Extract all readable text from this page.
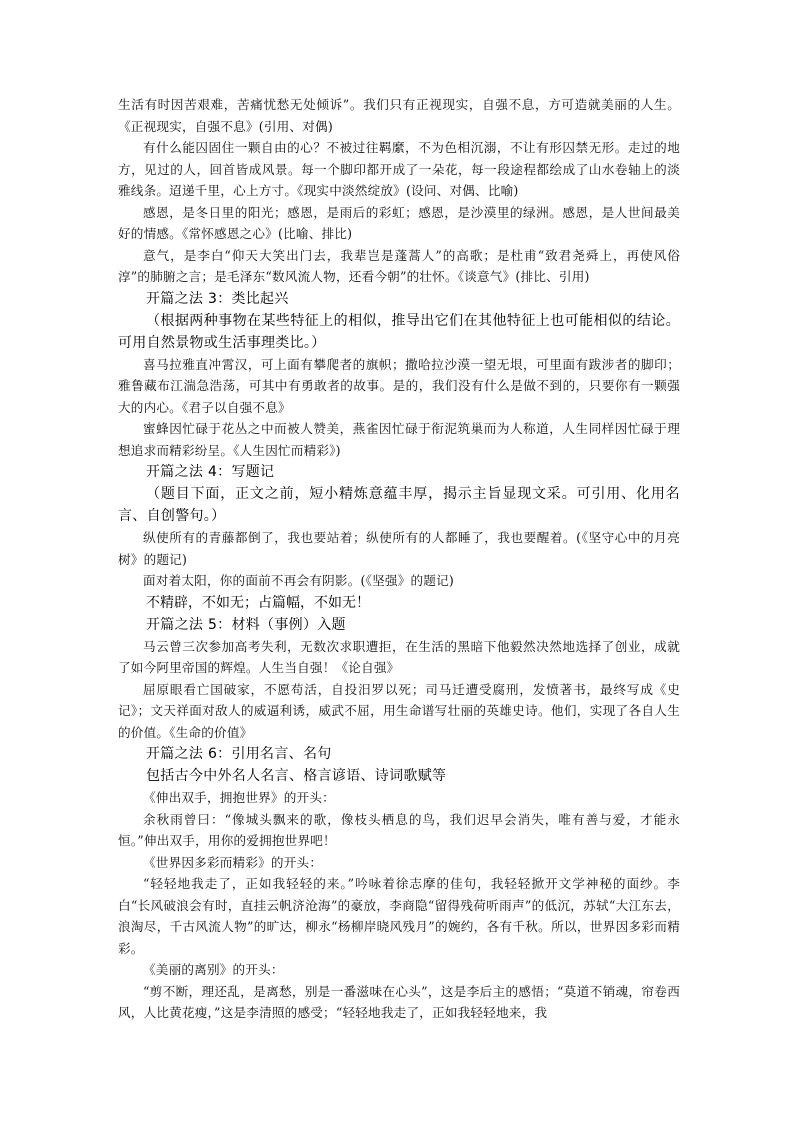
生活有时因苦艰难，苦痛忧愁无处倾诉”。我们只有正视现实，自强不息，方可造就美丽的人生。《正视现实，自强不息》(引用、对偶)

有什么能囚固住一颗自由的心？不被过往羁縻，不为色相沉溺，不让有形囚禁无形。走过的地方，见过的人，回首皆成风景。每一个脚印都开成了一朵花，每一段途程都绘成了山水卷轴上的淡雅线条。迢递千里，心上方寸。《现实中淡然绽放》(设问、对偶、比喻)

感恩，是冬日里的阳光；感恩，是雨后的彩虹；感恩，是沙漠里的绿洲。感恩，是人世间最美好的情感。《常怀感恩之心》(比喻、排比)

意气，是李白“仰天大笑出门去，我辈岂是蓬蒿人”的高歌；是杜甫“致君尧舜上，再使风俗淳”的肺腑之言；是毛泽东“数风流人物，还看今朝”的壮怀。《谈意气》(排比、引用)

开篇之法 3：类比起兴

（根据两种事物在某些特征上的相似，推导出它们在其他特征上也可能相似的结论。可用自然景物或生活事理类比。）

喜马拉雅直冲霄汉，可上面有攀爬者的旗帜；撒哈拉沙漠一望无垠，可里面有跋涉者的脚印；雅鲁藏布江湍急浩荡，可其中有勇敢者的故事。是的，我们没有什么是做不到的，只要你有一颗强大的内心。《君子以自强不息》

蜜蜂因忙碌于花丛之中而被人赞美，燕雀因忙碌于衔泥筑巢而为人称道，人生同样因忙碌于理想追求而精彩纷呈。《人生因忙而精彩》)

开篇之法 4：写题记

（题目下面，正文之前，短小精炼意蕴丰厚，揭示主旨显现文采。可引用、化用名言、自创警句。）

纵使所有的青藤都倒了，我也要站着；纵使所有的人都睡了，我也要醒着。(《坚守心中的月亮树》的题记)

面对着太阳，你的面前不再会有阴影。(《坚强》的题记)

不精辟，不如无；占篇幅，不如无！

开篇之法 5：材料（事例）入题

马云曾三次参加高考失利，无数次求职遭拒，在生活的黑暗下他毅然决然地选择了创业，成就了如今阿里帝国的辉煌。人生当自强！《论自强》

屈原眼看亡国破家，不愿苟活，自投汨罗以死；司马迁遭受腐刑，发愤著书，最终写成《史记》；文天祥面对敌人的威逼利诱，威武不屈，用生命谱写壮丽的英雄史诗。他们，实现了各自人生的价值。《生命的价值》

开篇之法 6：引用名言、名句

包括古今中外名人名言、格言谚语、诗词歌赋等

《伸出双手，拥抱世界》的开头：

余秋雨曾曰：“像城头飘来的歌，像枝头栖息的鸟，我们迟早会消失，唯有善与爱，才能永恒。”伸出双手，用你的爱拥抱世界吧！

《世界因多彩而精彩》的开头：

“轻轻地我走了，正如我轻轻的来。”吟咏着徐志摩的佳句，我轻轻掀开文学神秘的面纱。李白“长风破浪会有时，直挂云帆济沧海”的豪放，李商隐“留得残荷听雨声”的低沉，苏轼“大江东去，浪淘尽，千古风流人物”的旷达，柳永“杨柳岸晓风残月”的婉约，各有千秋。所以，世界因多彩而精彩。

《美丽的离别》的开头：

“剪不断，理还乱，是离愁，别是一番滋味在心头”，这是李后主的感悟；“莫道不销魂，帘卷西风，人比黄花瘦，”这是李清照的感受；“轻轻地我走了，正如我轻轻地来，我
